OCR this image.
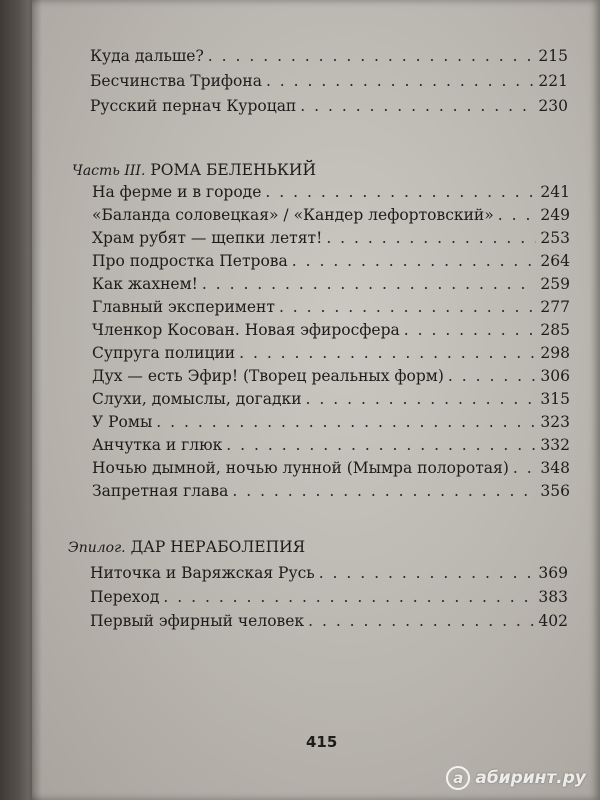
Куда дальше? . . .	215
Бесчинства Трифона . . .	221
Русский пернач Куроцап . . .	230
Часть III. РОМА БЕЛЕНЬКИЙ
На ферме и в городе . . .	241
«Баланда соловецкая» / «Кандер лефортовский» . . .	249
Храм рубят — щепки летят! . . .	253
Про подростка Петрова . . .	264
Как жахнем! . . .	259
Главный эксперимент . . .	277
Членкор Косован. Новая эфиросфера . . .	285
Супруга полиции . . .	298
Дух — есть Эфир! (Творец реальных форм) . . .	306
Слухи, домыслы, догадки . . .	315
У Ромы . . .	323
Анчутка и глюк . . .	332
Ночью дымной, ночью лунной (Мымра полоротая) . . . 348
Запретная глава . . .	356
Эпилог. ДАР НЕРАБОЛЕПИЯ
Ниточка и Варяжская Русь . . .	369
Переход . . .	383
Первый эфирный человек . . .	402
415
а абиринт.ру
